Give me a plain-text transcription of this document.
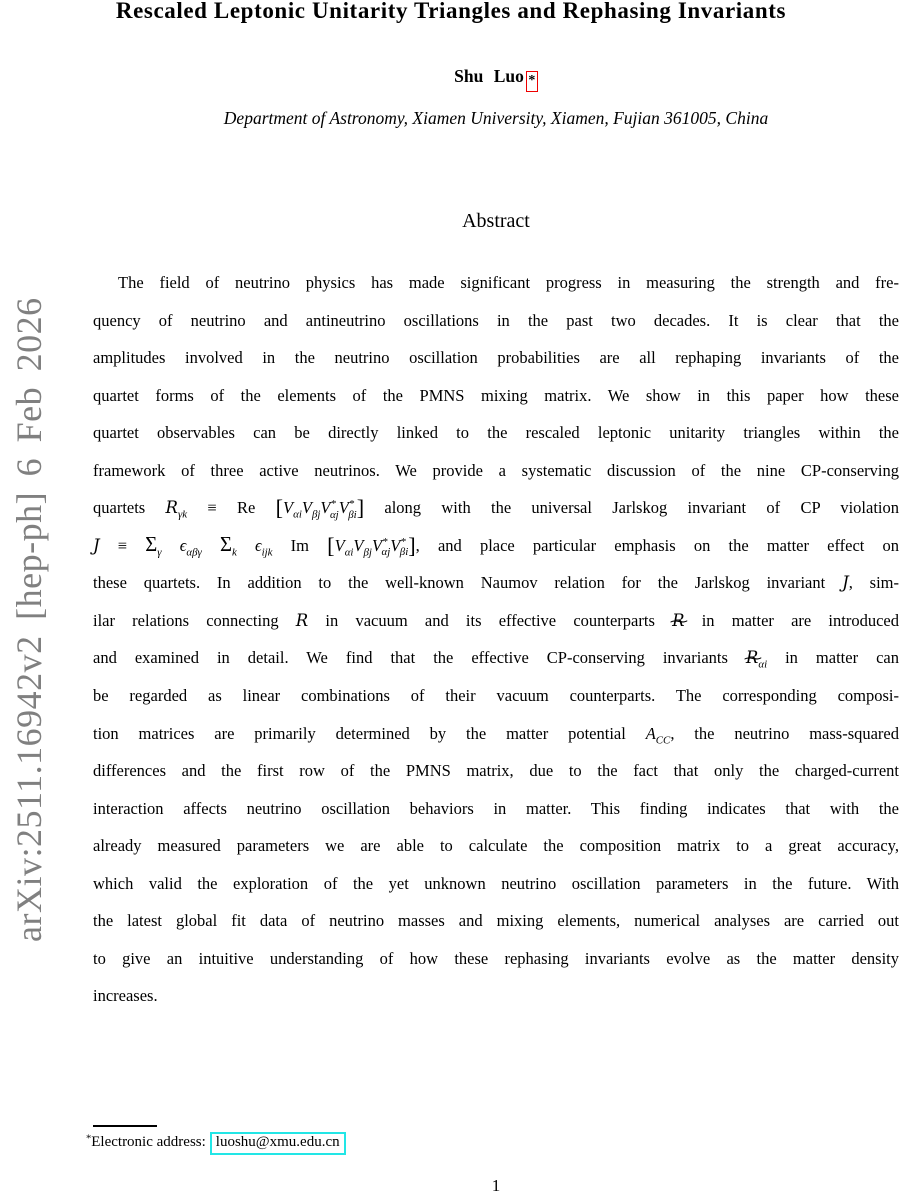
arXiv:2511.16942v2 [hep-ph] 6 Feb 2026
Rescaled Leptonic Unitarity Triangles and Rephasing Invariants
Shu Luo *
Department of Astronomy, Xiamen University, Xiamen, Fujian 361005, China
Abstract
The field of neutrino physics has made significant progress in measuring the strength and fre-
quency of neutrino and antineutrino oscillations in the past two decades. It is clear that the
amplitudes involved in the neutrino oscillation probabilities are all rephaping invariants of the
quartet forms of the elements of the PMNS mixing matrix. We show in this paper how these
quartet observables can be directly linked to the rescaled leptonic unitarity triangles within the
framework of three active neutrinos. We provide a systematic discussion of the nine CP-conserving
quartets $R_{\gamma k} \equiv Re$ $[V_{\alpha i}V_{\beta j}V^*_{\alpha j}V^*_{\beta i}]$ along with the universal Jarlskog invariant of CP violation
$J \equiv \Sigma_\gamma$ $\epsilon_{\alpha\beta\gamma}$ $\Sigma_k$ $\epsilon_{ijk}$ Im $[V_{\alpha i}V_{\beta j}V^*_{\alpha j}V^*_{\beta i}]$, and place particular emphasis on the matter effect on
these quartets. In addition to the well-known Naumov relation for the Jarlskog invariant J, sim-
ilar relations connecting R in vacuum and its effective counterparts R ~ in matter are introduced
and examined in detail. We find that the effective CP-conserving invariants R $\sim_{\alpha i}$ in matter can
be regarded as linear combinations of their vacuum counterparts. The corresponding composi-
tion matrices are primarily determined by the matter potential $A_{CC}$, the neutrino mass-squared
differences and the first row of the PMNS matrix, due to the fact that only the charged-current
interaction affects neutrino oscillation behaviors in matter. This finding indicates that with the
already measured parameters we are able to calculate the composition matrix to a great accuracy,
which valid the exploration of the yet unknown neutrino oscillation parameters in the future. With
the latest global fit data of neutrino masses and mixing elements, numerical analyses are carried out
to give an intuitive understanding of how these rephasing invariants evolve as the matter density
increases.
*Electronic address: luoshu@xmu.edu.cn
1
